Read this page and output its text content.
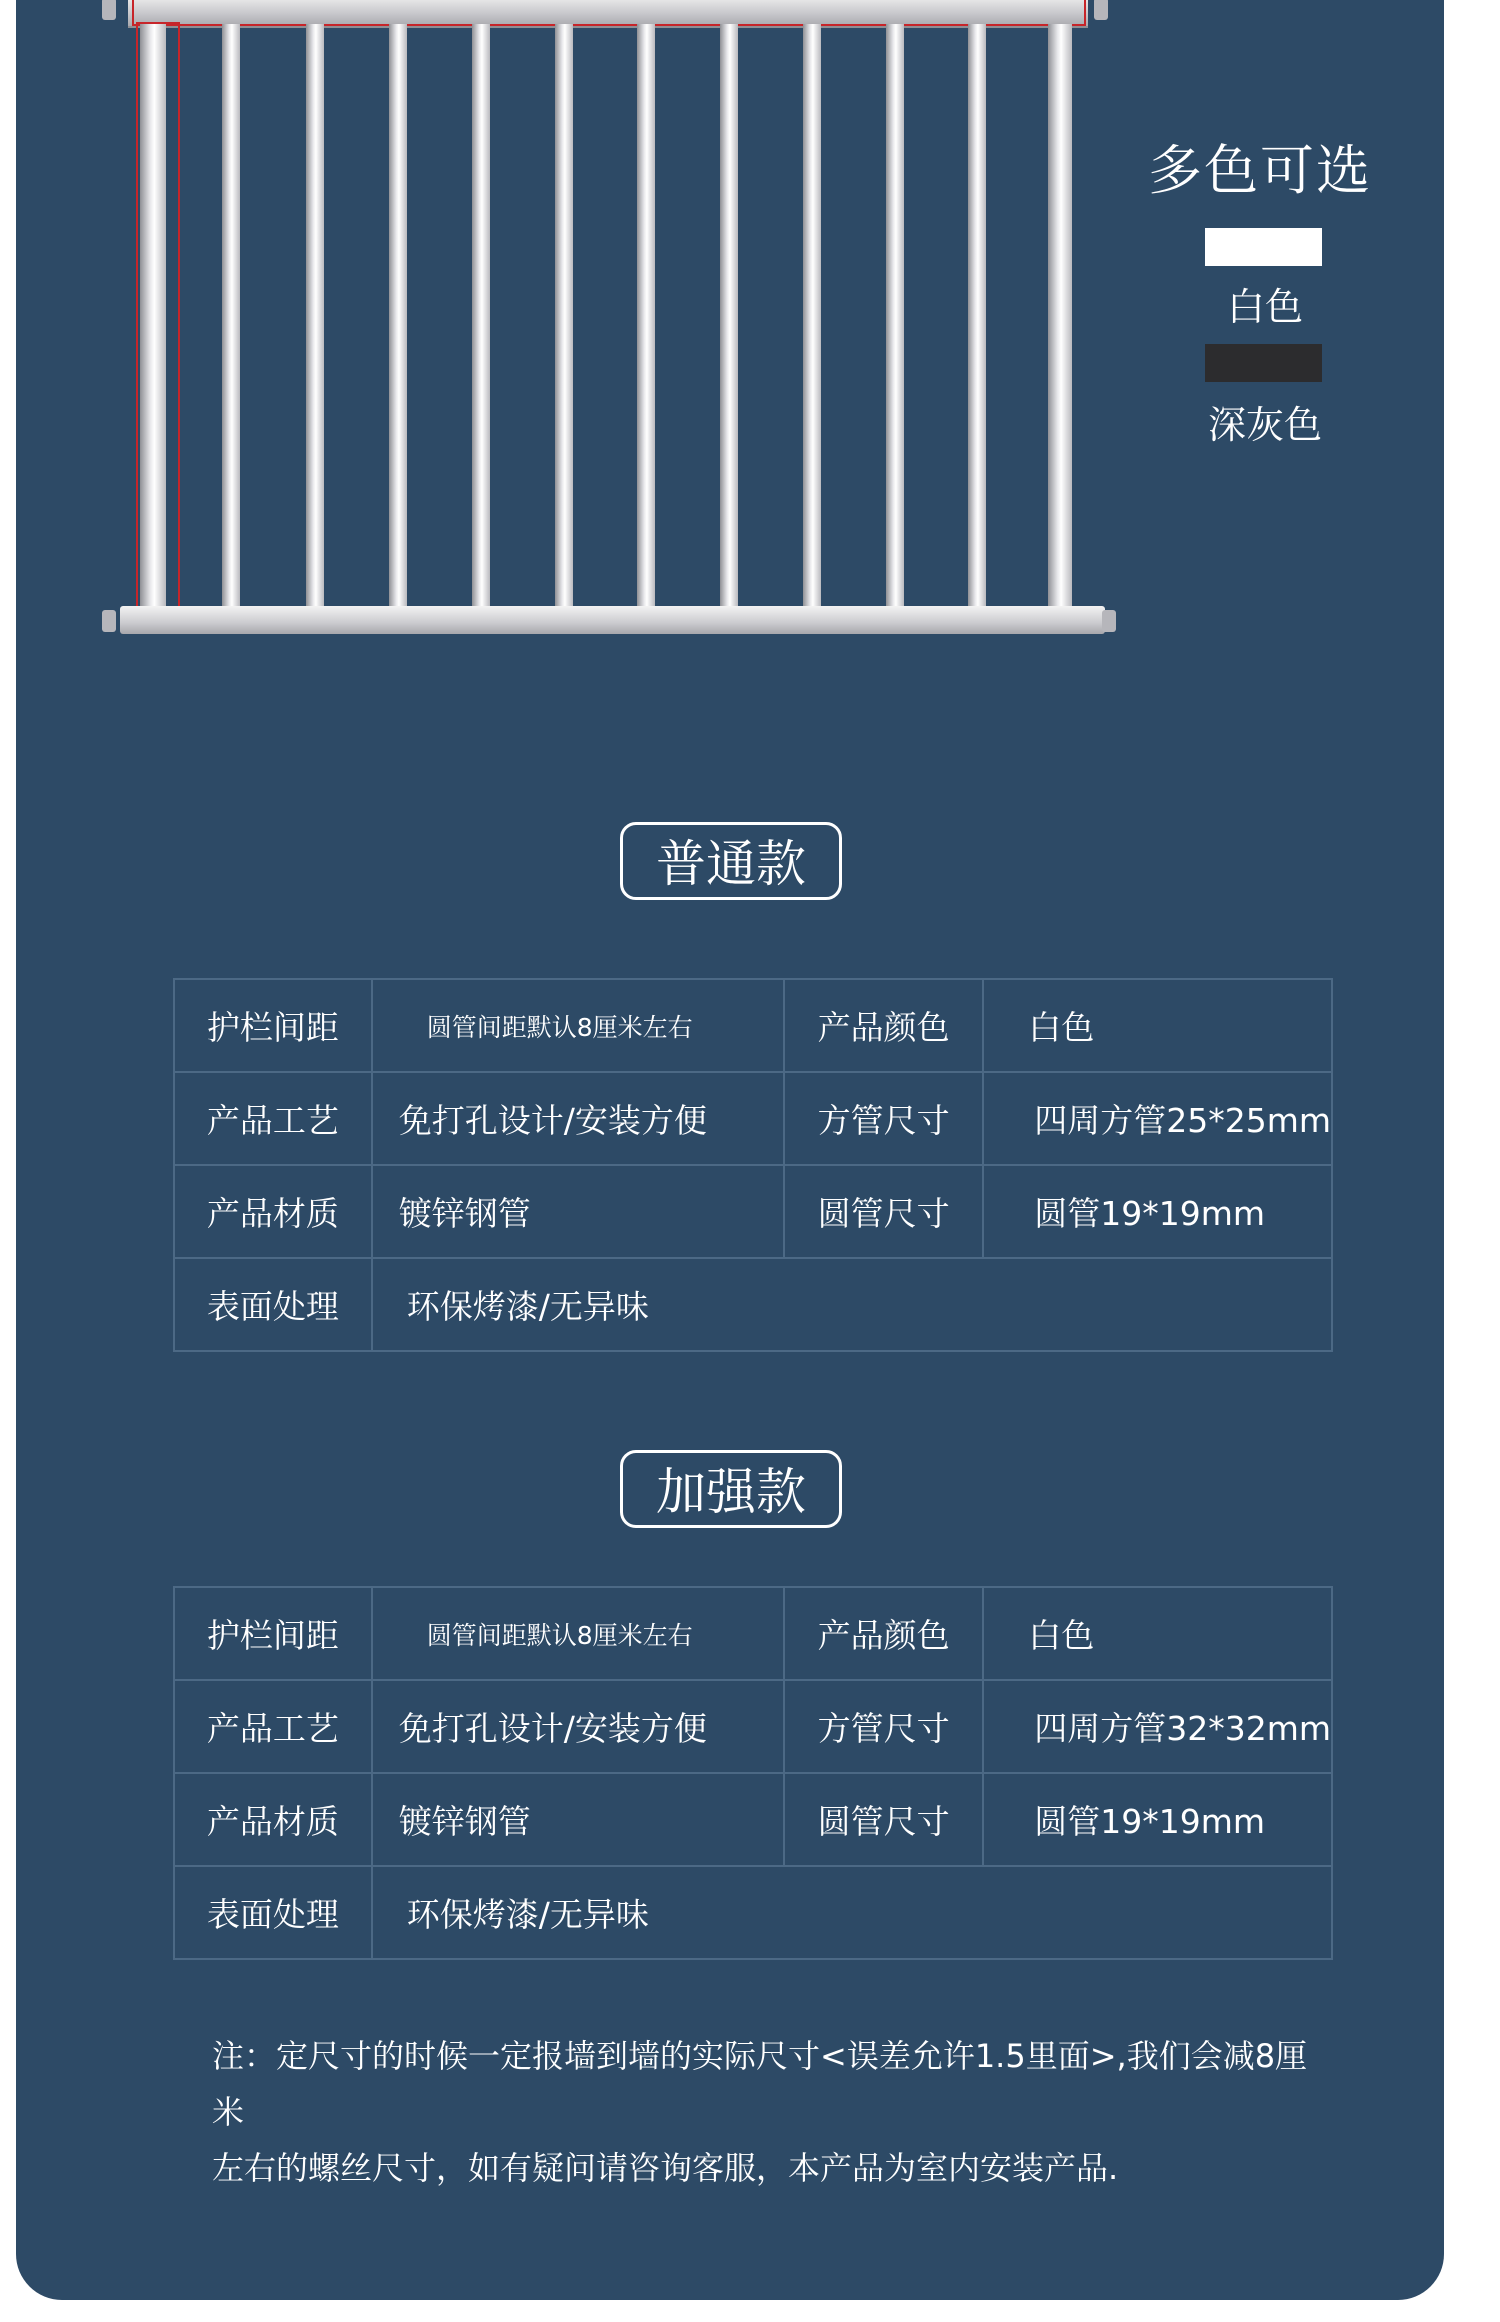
多色可选
白色
深灰色
普通款
护栏间距	圆管间距默认8厘米左右	产品颜色	白色
产品工艺	免打孔设计/安装方便	方管尺寸	四周方管25*25mm
产品材质	镀锌钢管	圆管尺寸	圆管19*19mm
表面处理	环保烤漆/无异味		
加强款
护栏间距	圆管间距默认8厘米左右	产品颜色	白色
产品工艺	免打孔设计/安装方便	方管尺寸	四周方管32*32mm
产品材质	镀锌钢管	圆管尺寸	圆管19*19mm
表面处理	环保烤漆/无异味		
注：定尺寸的时候一定报墙到墙的实际尺寸<误差允许1.5里面>,我们会减8厘米
左右的螺丝尺寸，如有疑问请咨询客服，本产品为室内安装产品.
